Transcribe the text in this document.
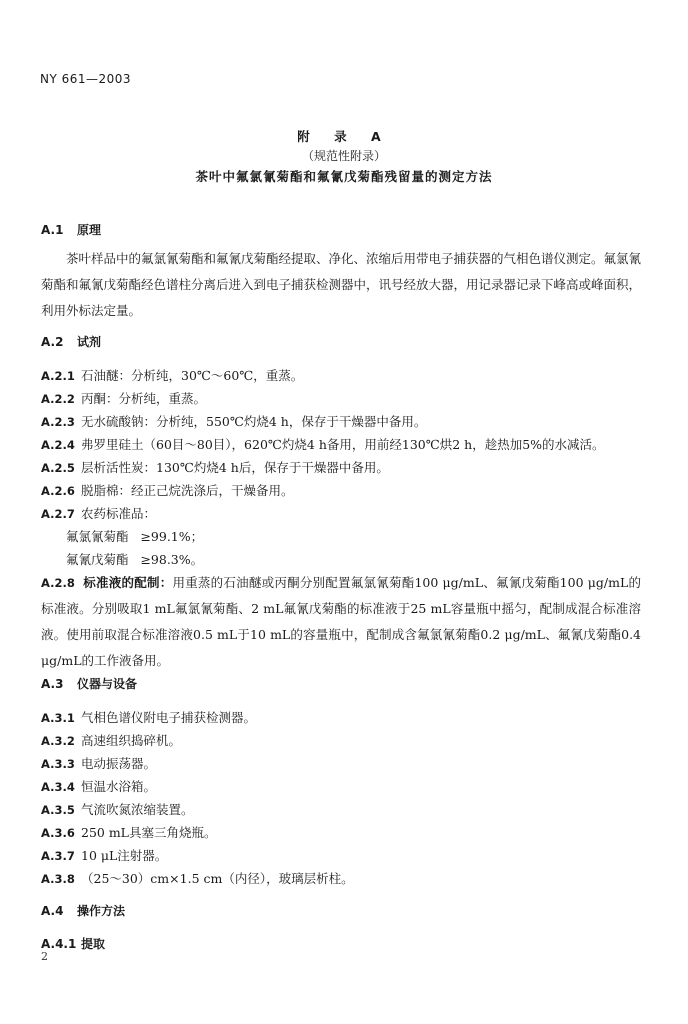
NY 661—2003
附 录 A
（规范性附录）
茶叶中氟氯氰菊酯和氟氰戊菊酯残留量的测定方法
A.1 原理
茶叶样品中的氟氯氰菊酯和氟氰戊菊酯经提取、净化、浓缩后用带电子捕获器的气相色谱仪测定。氟氯氰菊酯和氟氰戊菊酯经色谱柱分离后进入到电子捕获检测器中，讯号经放大器，用记录器记录下峰高或峰面积，利用外标法定量。
A.2 试剂
A.2.1 石油醚：分析纯，30℃～60℃，重蒸。
A.2.2 丙酮：分析纯，重蒸。
A.2.3 无水硫酸钠：分析纯，550℃灼烧4 h，保存于干燥器中备用。
A.2.4 弗罗里硅土（60目～80目），620℃灼烧4 h备用，用前经130℃烘2 h，趁热加5%的水减活。
A.2.5 层析活性炭：130℃灼烧4 h后，保存于干燥器中备用。
A.2.6 脱脂棉：经正己烷洗涤后，干燥备用。
A.2.7 农药标准品：
氟氯氰菊酯 ≥99.1%；
氟氰戊菊酯 ≥98.3%。
A.2.8 标准液的配制：用重蒸的石油醚或丙酮分别配置氟氯氰菊酯100 μg/mL、氟氰戊菊酯100 μg/mL的标准液。分别吸取1 mL氟氯氰菊酯、2 mL氟氰戊菊酯的标准液于25 mL容量瓶中摇匀，配制成混合标准溶液。使用前取混合标准溶液0.5 mL于10 mL的容量瓶中，配制成含氟氯氰菊酯0.2 μg/mL、氟氰戊菊酯0.4 μg/mL的工作液备用。
A.3 仪器与设备
A.3.1 气相色谱仪附电子捕获检测器。
A.3.2 高速组织捣碎机。
A.3.3 电动振荡器。
A.3.4 恒温水浴箱。
A.3.5 气流吹氮浓缩装置。
A.3.6 250 mL具塞三角烧瓶。
A.3.7 10 μL注射器。
A.3.8 （25～30）cm×1.5 cm（内径），玻璃层析柱。
A.4 操作方法
A.4.1 提取
2
